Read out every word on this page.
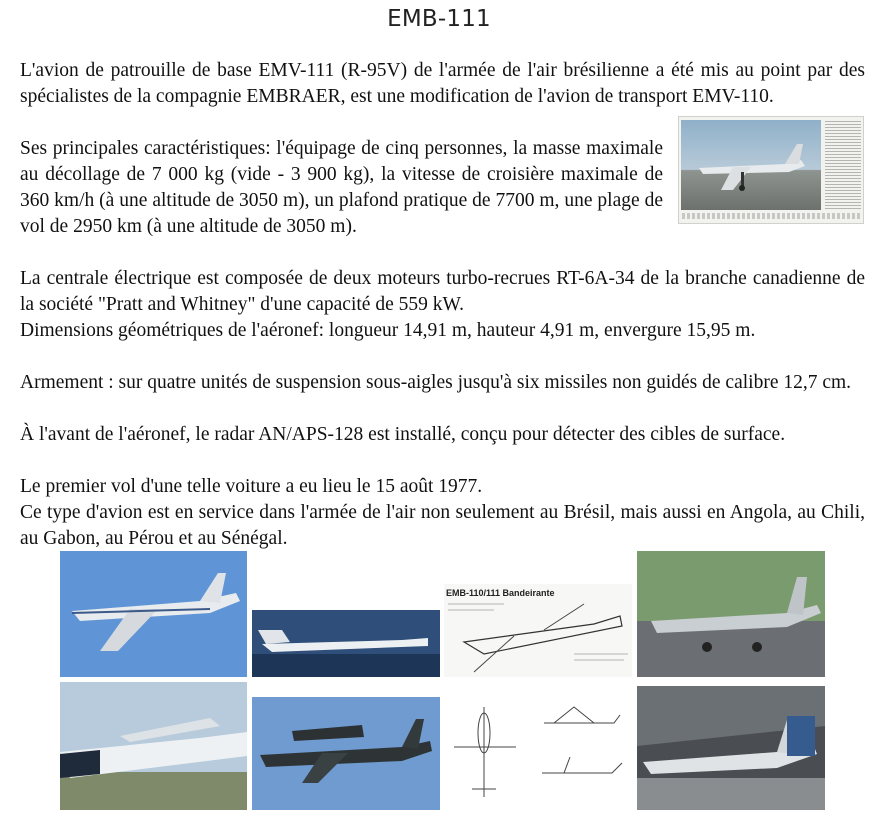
EMB-111

L'avion de patrouille de base EMV-111 (R-95V) de l'armée de l'air brésilienne a été mis au point par des spécialistes de la compagnie EMBRAER, est une modification de l'avion de transport EMV-110.

Ses principales caractéristiques: l'équipage de cinq personnes, la masse maximale au décollage de 7 000 kg (vide - 3 900 kg), la vitesse de croisière maximale de 360 km/h (à une altitude de 3050 m), un plafond pratique de 7700 m, une plage de vol de 2950 km (à une altitude de 3050 m).

La centrale électrique est composée de deux moteurs turbo-recrues RT-6A-34 de la branche canadienne de la société "Pratt and Whitney" d'une capacité de 559 kW.

Dimensions géométriques de l'aéronef: longueur 14,91 m, hauteur 4,91 m, envergure 15,95 m.

Armement : sur quatre unités de suspension sous-aigles jusqu'à six missiles non guidés de calibre 12,7 cm.

À l'avant de l'aéronef, le radar AN/APS-128 est installé, conçu pour détecter des cibles de surface.

Le premier vol d'une telle voiture a eu lieu le 15 août 1977.

Ce type d'avion est en service dans l'armée de l'air non seulement au Brésil, mais aussi en Angola, au Chili, au Gabon, au Pérou et au Sénégal.

EMB-110/111 Bandeirante
